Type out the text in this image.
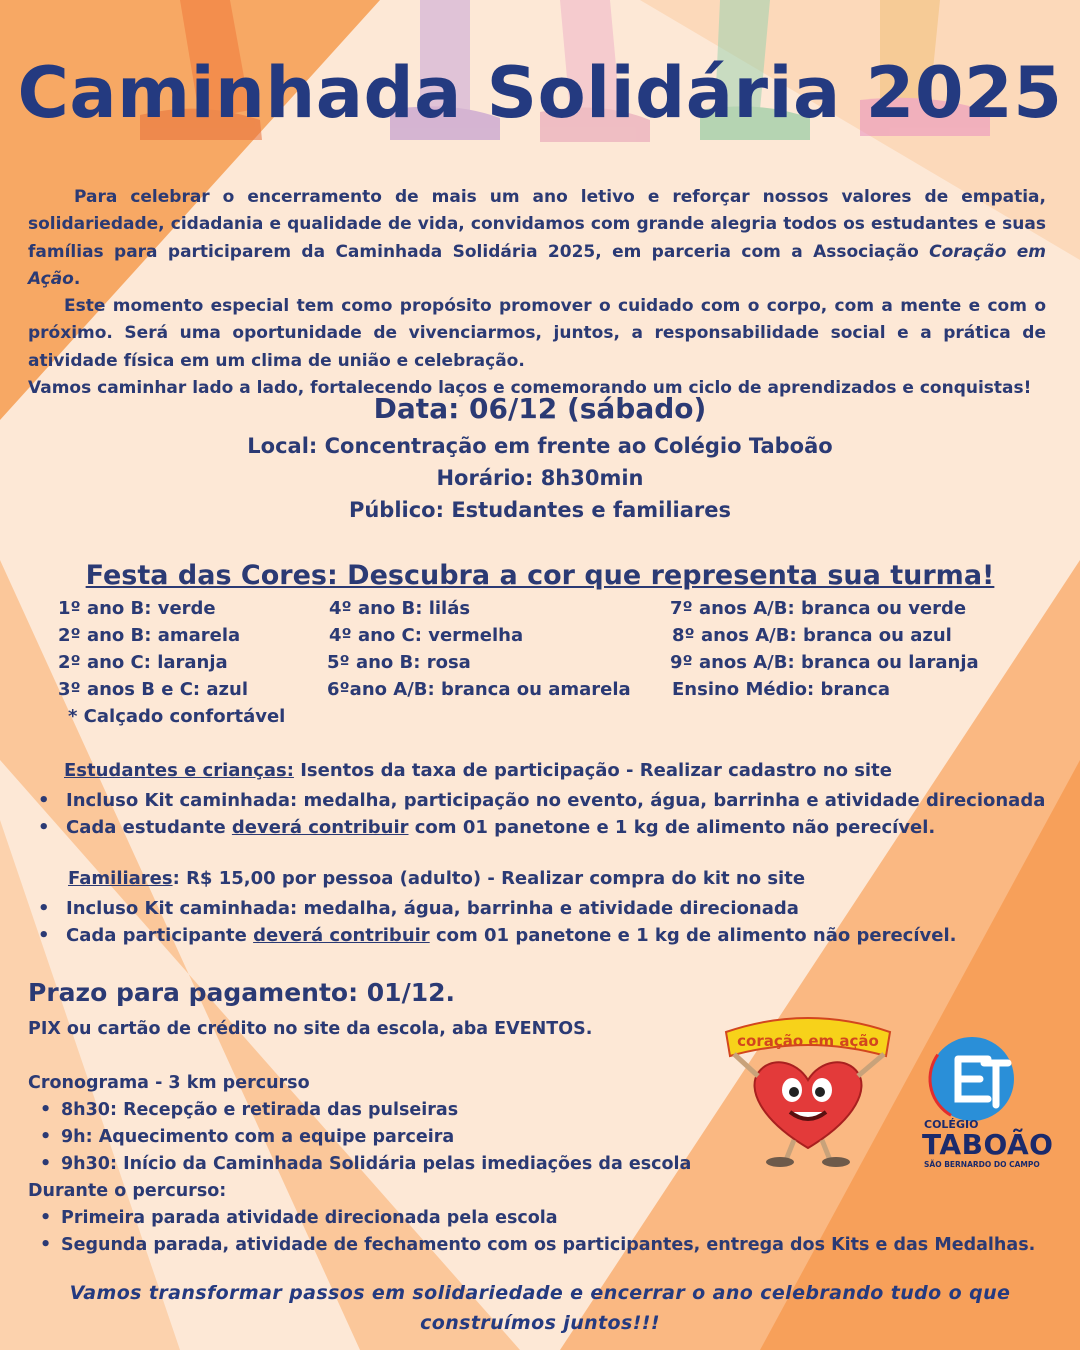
Caminhada Solidária 2025

Para celebrar o encerramento de mais um ano letivo e reforçar nossos valores de empatia, solidariedade, cidadania e qualidade de vida, convidamos com grande alegria todos os estudantes e suas famílias para participarem da Caminhada Solidária 2025, em parceria com a Associação Coração em Ação.

Este momento especial tem como propósito promover o cuidado com o corpo, com a mente e com o próximo. Será uma oportunidade de vivenciarmos, juntos, a responsabilidade social e a prática de atividade física em um clima de união e celebração.

Vamos caminhar lado a lado, fortalecendo laços e comemorando um ciclo de aprendizados e conquistas!

Data: 06/12 (sábado)
Local: Concentração em frente ao Colégio Taboão
Horário: 8h30min
Público: Estudantes e familiares
Festa das Cores: Descubra a cor que representa sua turma!
1º ano B: verde
2º ano B: amarela
2º ano C: laranja
3º anos B e C: azul
4º ano B: lilás
4º ano C: vermelha
5º ano B: rosa
6ºano A/B: branca ou amarela
7º anos A/B: branca ou verde
8º anos A/B: branca ou azul
9º anos A/B: branca ou laranja
Ensino Médio: branca
* Calçado confortável
Estudantes e crianças: Isentos da taxa de participação - Realizar cadastro no site
• Incluso Kit caminhada: medalha, participação no evento, água, barrinha e atividade direcionada
• Cada estudante deverá contribuir com 01 panetone e 1 kg de alimento não perecível.
Familiares: R$ 15,00 por pessoa (adulto) - Realizar compra do kit no site
• Incluso Kit caminhada: medalha, água, barrinha e atividade direcionada
• Cada participante deverá contribuir com 01 panetone e 1 kg de alimento não perecível.
Prazo para pagamento: 01/12.
PIX ou cartão de crédito no site da escola, aba EVENTOS.
Cronograma - 3 km percurso
• 8h30: Recepção e retirada das pulseiras
• 9h: Aquecimento com a equipe parceira
• 9h30: Início da Caminhada Solidária pelas imediações da escola
Durante o percurso:
• Primeira parada atividade direcionada pela escola
• Segunda parada, atividade de fechamento com os participantes, entrega dos Kits e das Medalhas.
coração em ação
COLÉGIO
TABOÃO
SÃO BERNARDO DO CAMPO
Vamos transformar passos em solidariedade e encerrar o ano celebrando tudo o que
construímos juntos!!!
